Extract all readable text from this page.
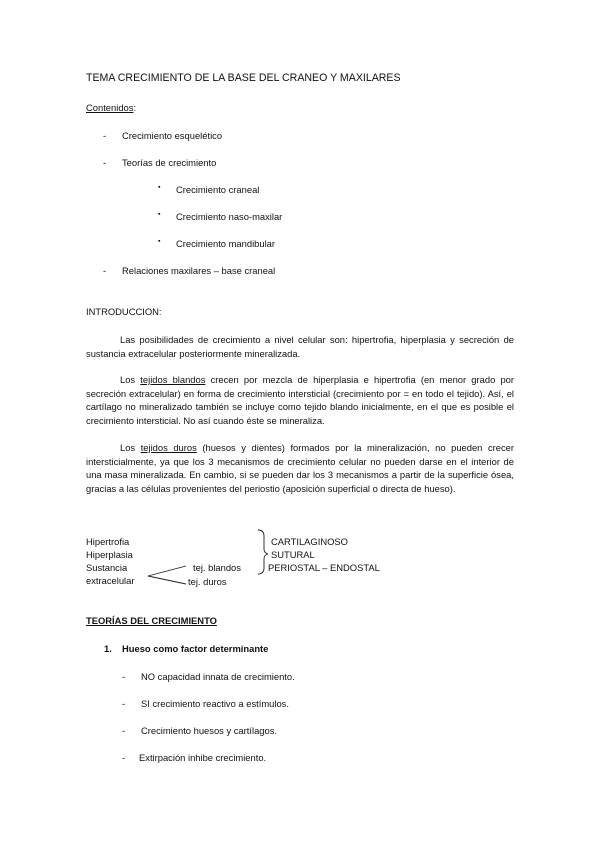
TEMA CRECIMIENTO DE LA BASE DEL CRANEO Y MAXILARES
Contenidos:
- Crecimiento esquelético
- Teorías de crecimiento
▪ Crecimiento craneal
▪ Crecimiento naso-maxilar
▪ Crecimiento mandibular
- Relaciones maxilares – base craneal
INTRODUCCION:
Las posibilidades de crecimiento a nivel celular son: hipertrofia, hiperplasia y secreción de sustancia extracelular posteriormente mineralizada.
Los tejidos blandos crecen por mezcla de hiperplasia e hipertrofia (en menor grado por secreción extracelular) en forma de crecimiento intersticial (crecimiento por = en todo el tejido). Así, el cartílago no mineralizado también se incluye como tejido blando inicialmente, en el que es posible el crecimiento intersticial. No así cuando éste se mineraliza.
Los tejidos duros (huesos y dientes) formados por la mineralización, no pueden crecer intersticialmente, ya que los 3 mecanismos de crecimiento celular no pueden darse en el interior de una masa mineralizada. En cambio, si se pueden dar los 3 mecanismos a partir de la superficie ósea, gracias a las células provenientes del periostio (aposición superficial o directa de hueso).
Hipertrofia
Hiperplasia
Sustancia
extracelular
tej. blandos
tej. duros
CARTILAGINOSO
SUTURAL
PERIOSTAL – ENDOSTAL
TEORÍAS DEL CRECIMIENTO
1. Hueso como factor determinante
- NO capacidad innata de crecimiento.
- SI crecimiento reactivo a estímulos.
- Crecimiento huesos y cartílagos.
- Extirpación inhibe crecimiento.
